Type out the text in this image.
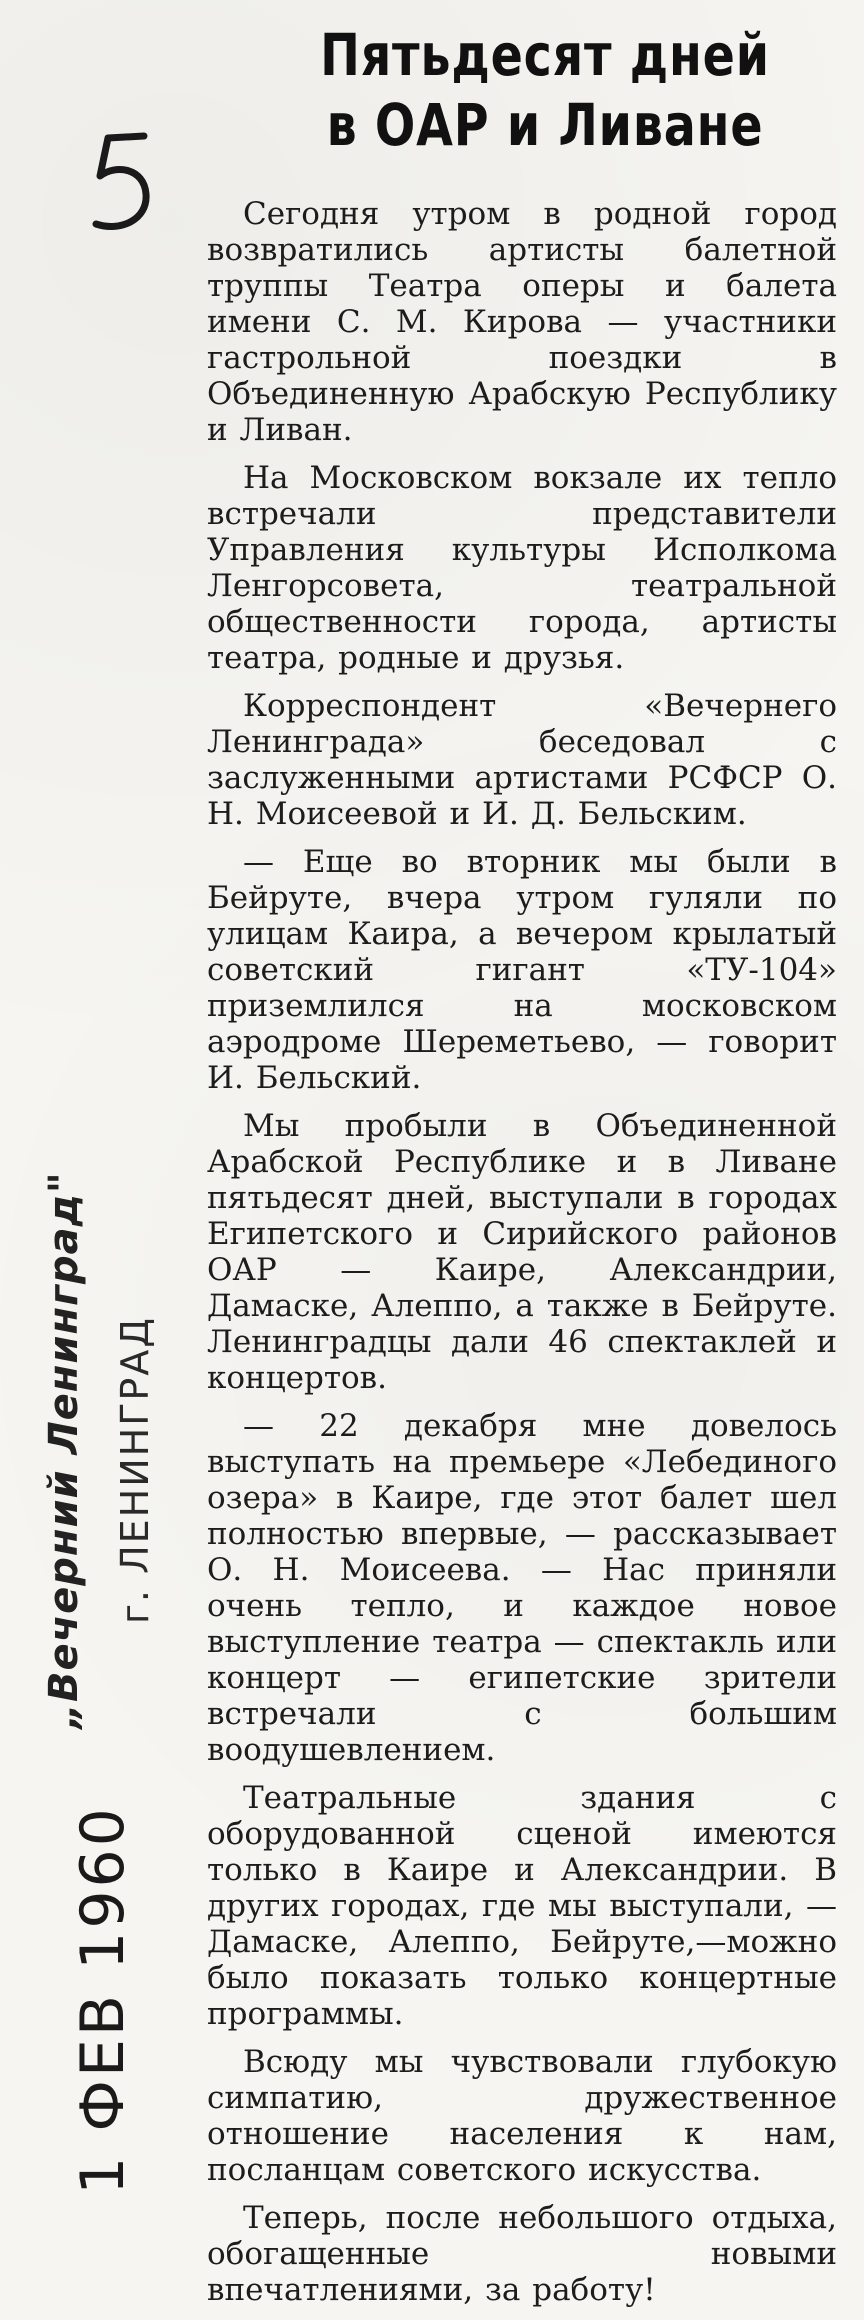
Пятьдесят дней
в ОАР и Ливане

Сегодня утром в родной город возвратились артисты балетной труппы Театра оперы и балета имени С. М. Кирова — участники гастрольной поездки в Объединенную Арабскую Республику и Ливан.

На Московском вокзале их тепло встречали представители Управления культуры Исполкома Ленгорсовета, театральной общественности города, артисты театра, родные и друзья.

Корреспондент «Вечернего Ленинграда» беседовал с заслуженными артистами РСФСР О. Н. Моисеевой и И. Д. Бельским.

— Еще во вторник мы были в Бейруте, вчера утром гуляли по улицам Каира, а вечером крылатый советский гигант «ТУ-104» приземлился на московском аэродроме Шереметьево, — говорит И. Бельский.

Мы пробыли в Объединенной Арабской Республике и в Ливане пятьдесят дней, выступали в городах Египетского и Сирийского районов ОАР — Каире, Александрии, Дамаске, Алеппо, а также в Бейруте. Ленинградцы дали 46 спектаклей и концертов.

— 22 декабря мне довелось выступать на премьере «Лебединого озера» в Каире, где этот балет шел полностью впервые, — рассказывает О. Н. Моисеева. — Нас приняли очень тепло, и каждое новое выступление театра — спектакль или концерт — египетские зрители встречали с большим воодушевлением.

Театральные здания с оборудованной сценой имеются только в Каире и Александрии. В других городах, где мы выступали, — Дамаске, Алеппо, Бейруте,—можно было показать только концертные программы.

Всюду мы чувствовали глубокую симпатию, дружественное отношение населения к нам, посланцам советского искусства.

Теперь, после небольшого отдыха, обогащенные новыми впечатлениями, за работу!

„Вечерний Ленинград" г. ЛЕНИНГРАД
1 ФЕВ 1960
